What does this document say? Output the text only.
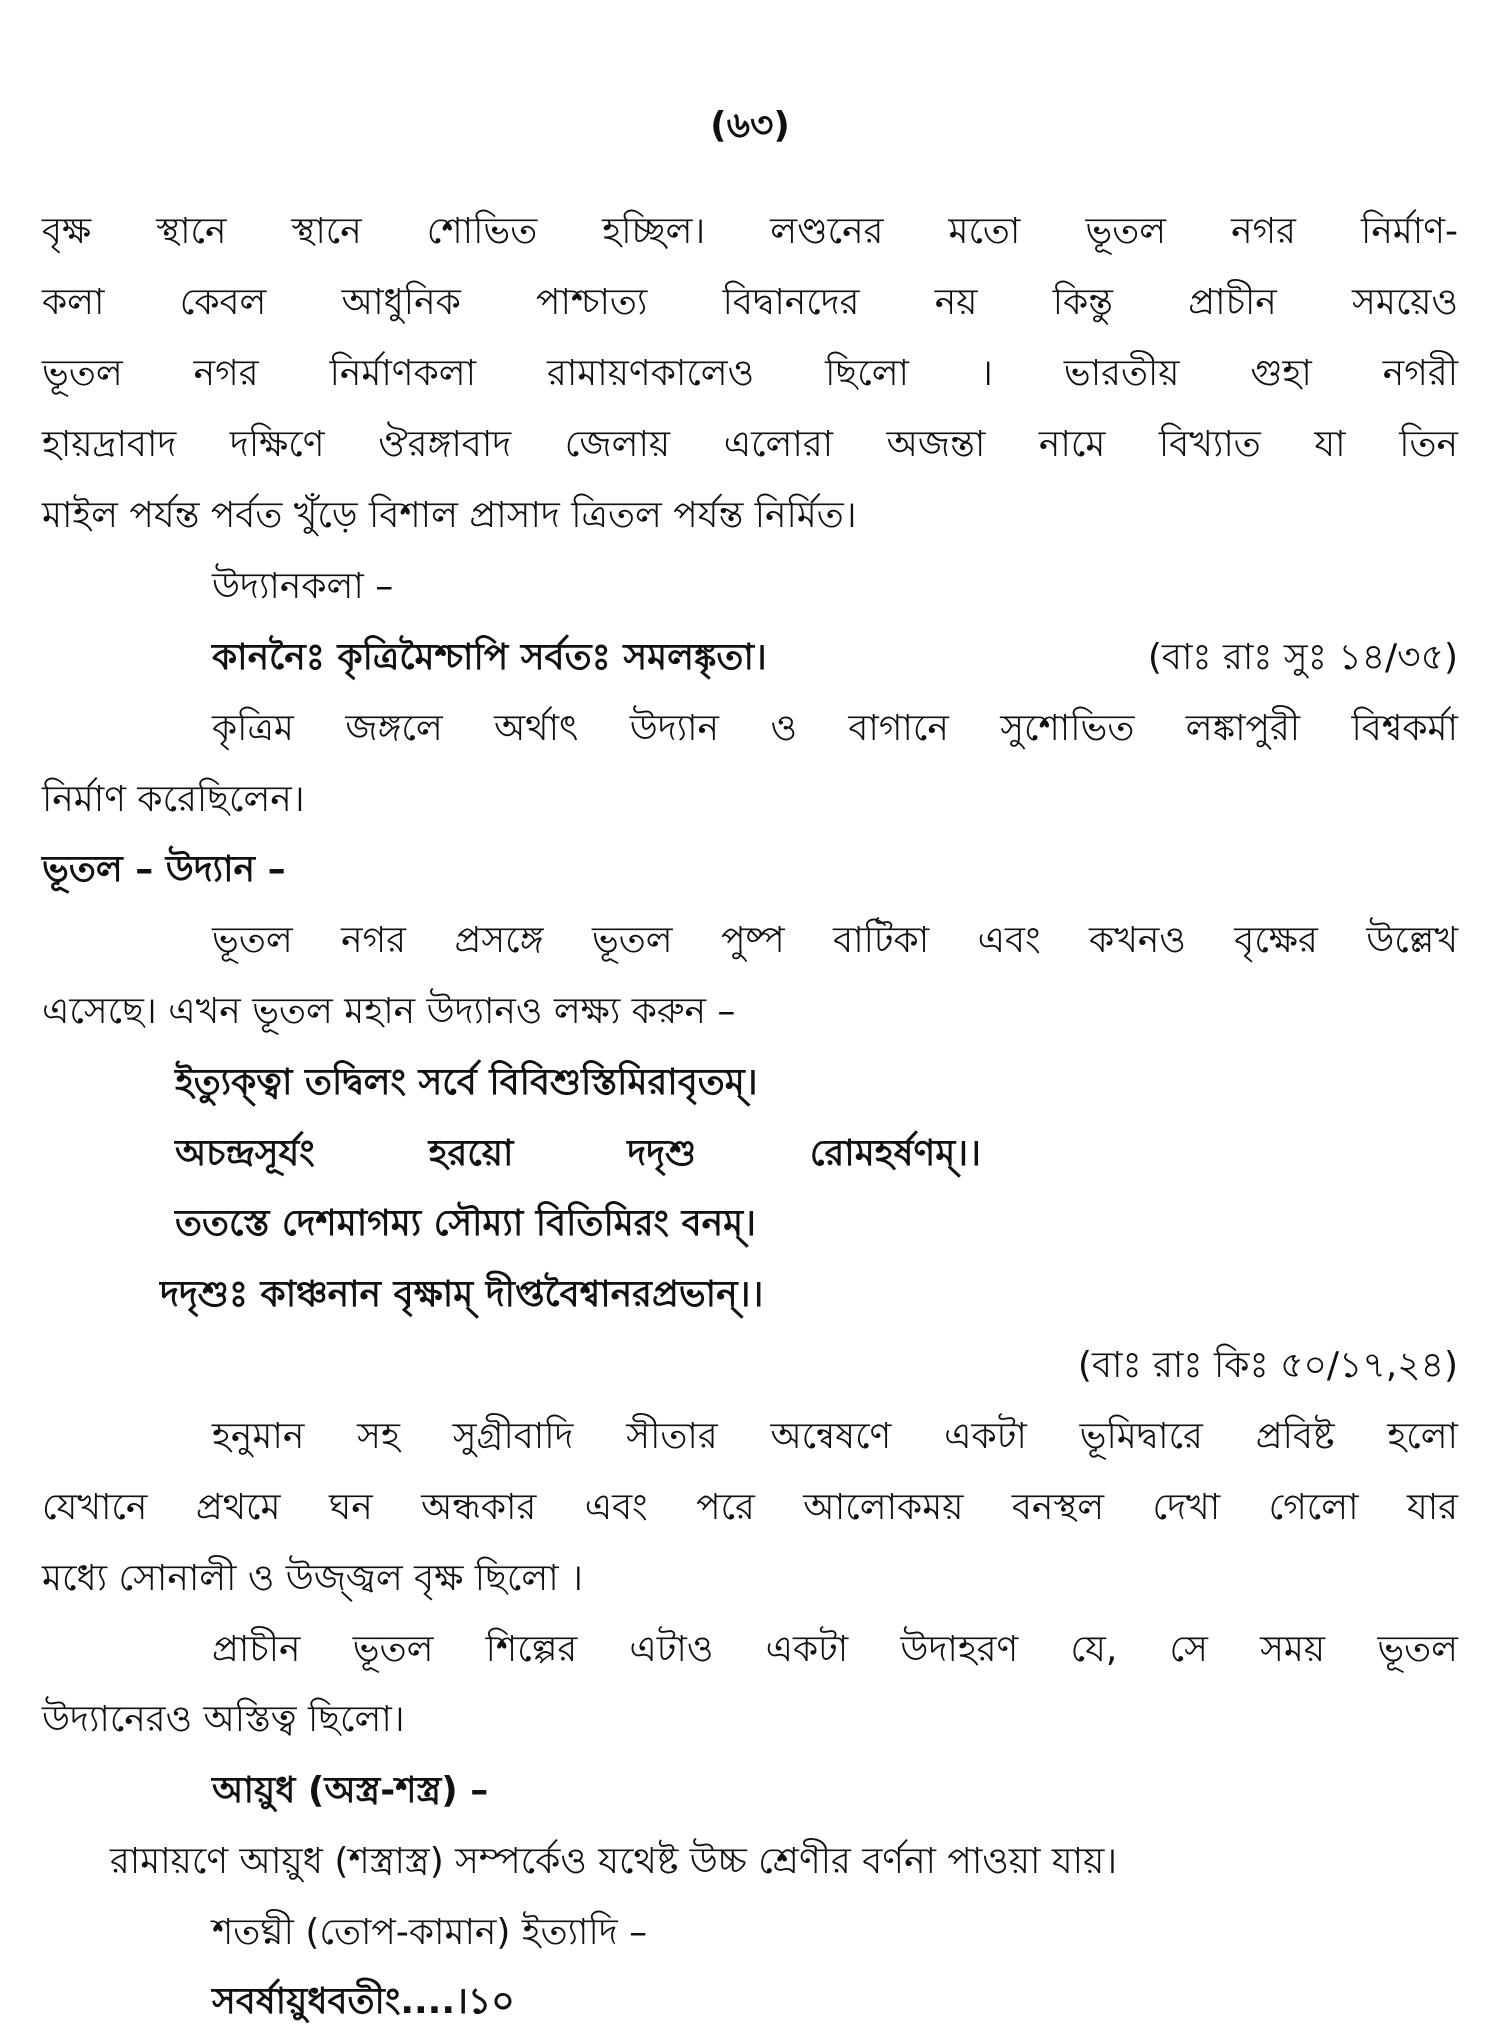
(৬৩)
বৃক্ষ স্থানে স্থানে শোভিত হচ্ছিল। লণ্ডনের মতো ভূতল নগর নির্মাণ-
কলা কেবল আধুনিক পাশ্চাত্য বিদ্বানদের নয় কিন্তু প্রাচীন সময়েও
ভূতল নগর নির্মাণকলা রামায়ণকালেও ছিলো । ভারতীয় গুহা নগরী
হায়দ্রাবাদ দক্ষিণে ঔরঙ্গাবাদ জেলায় এলোরা অজন্তা নামে বিখ্যাত যা তিন
মাইল পর্যন্ত পর্বত খুঁড়ে বিশাল প্রাসাদ ত্রিতল পর্যন্ত নির্মিত।
উদ্যানকলা –
কাননৈঃ কৃত্রিমৈশ্চাপি সর্বতঃ সমলঙ্কৃতা।	(বাঃ রাঃ সুঃ ১৪/৩৫)
কৃত্রিম জঙ্গলে অর্থাৎ উদ্যান ও বাগানে সুশোভিত লঙ্কাপুরী বিশ্বকর্মা
নির্মাণ করেছিলেন।
ভূতল – উদ্যান –
ভূতল নগর প্রসঙ্গে ভূতল পুষ্প বাটিকা এবং কখনও বৃক্ষের উল্লেখ
এসেছে। এখন ভূতল মহান উদ্যানও লক্ষ্য করুন –
ইত্যুক্ত্বা তদ্বিলং সর্বে বিবিশুস্তিমিরাবৃতম্।
অচন্দ্রসূর্যং হরয়ো দদৃশু রোমহর্ষণম্।।
ততস্তে দেশমাগম্য সৌম্যা বিতিমিরং বনম্।
দদৃশুঃ কাঞ্চনান বৃক্ষাম্ দীপ্তবৈশ্বানরপ্রভান্।।
(বাঃ রাঃ কিঃ ৫০/১৭,২৪)
হনুমান সহ সুগ্রীবাদি সীতার অন্বেষণে একটা ভূমিদ্বারে প্রবিষ্ট হলো
যেখানে প্রথমে ঘন অন্ধকার এবং পরে আলোকময় বনস্থল দেখা গেলো যার
মধ্যে সোনালী ও উজ্জ্বল বৃক্ষ ছিলো ।
প্রাচীন ভূতল শিল্পের এটাও একটা উদাহরণ যে, সে সময় ভূতল
উদ্যানেরও অস্তিত্ব ছিলো।
আয়ুধ (অস্ত্র-শস্ত্র) –
রামায়ণে আয়ুধ (শস্ত্রাস্ত্র) সম্পর্কেও যথেষ্ট উচ্চ শ্রেণীর বর্ণনা পাওয়া যায়।
শতঘ্নী (তোপ-কামান) ইত্যাদি –
সবর্ষায়ুধবতীং....।১০
